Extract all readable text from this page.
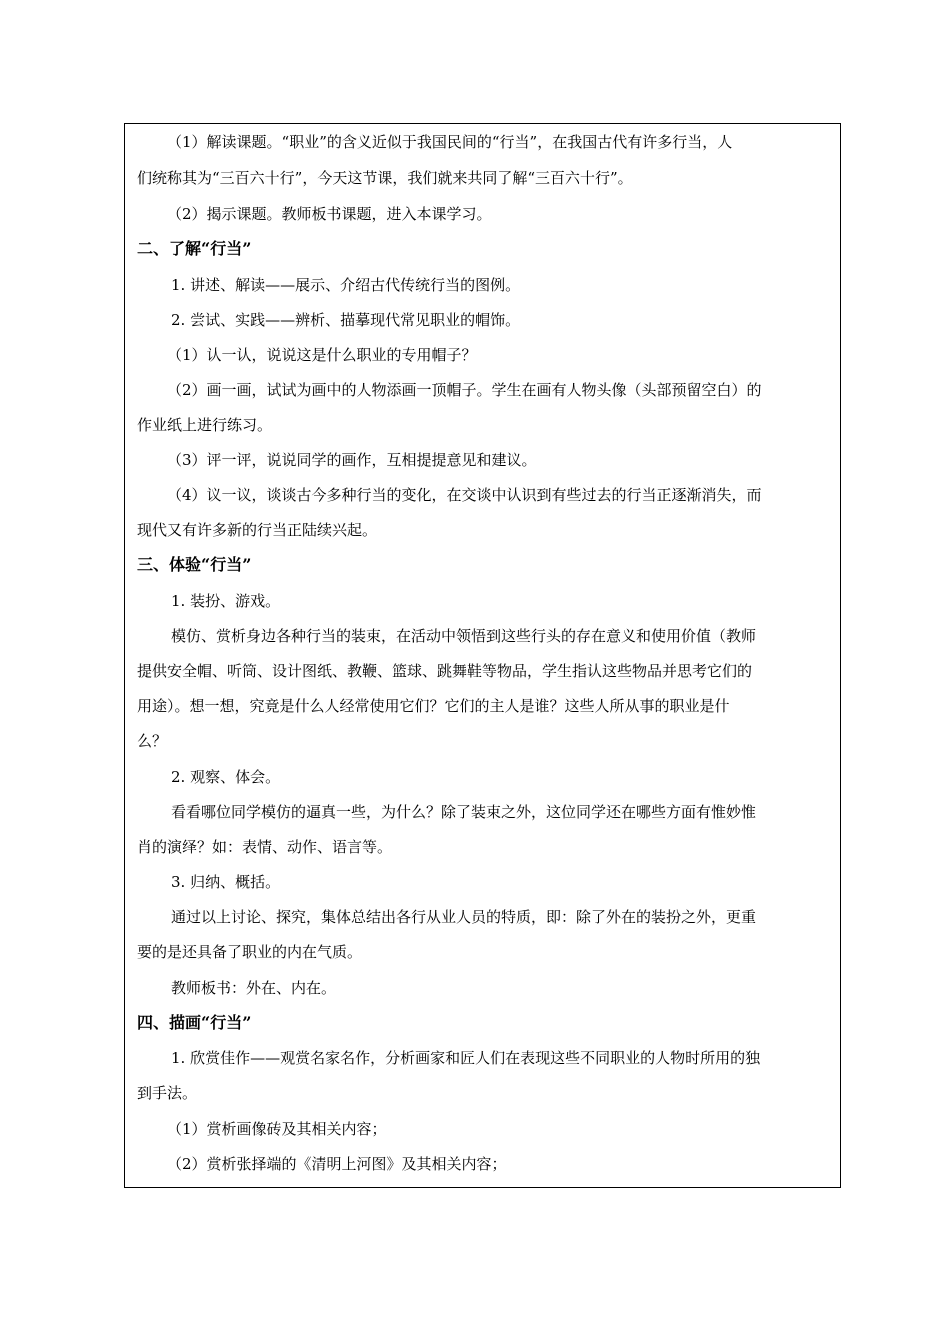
（1）解读课题。“职业”的含义近似于我国民间的“行当”，在我国古代有许多行当，人
们统称其为“三百六十行”，今天这节课，我们就来共同了解“三百六十行”。
（2）揭示课题。教师板书课题，进入本课学习。
二、了解“行当”
1. 讲述、解读——展示、介绍古代传统行当的图例。
2. 尝试、实践——辨析、描摹现代常见职业的帽饰。
（1）认一认，说说这是什么职业的专用帽子？
（2）画一画，试试为画中的人物添画一顶帽子。学生在画有人物头像（头部预留空白）的
作业纸上进行练习。
（3）评一评，说说同学的画作，互相提提意见和建议。
（4）议一议，谈谈古今多种行当的变化，在交谈中认识到有些过去的行当正逐渐消失，而
现代又有许多新的行当正陆续兴起。
三、体验“行当”
1. 装扮、游戏。
模仿、赏析身边各种行当的装束，在活动中领悟到这些行头的存在意义和使用价值（教师
提供安全帽、听筒、设计图纸、教鞭、篮球、跳舞鞋等物品，学生指认这些物品并思考它们的
用途）。想一想，究竟是什么人经常使用它们？它们的主人是谁？这些人所从事的职业是什
么？
2. 观察、体会。
看看哪位同学模仿的逼真一些，为什么？除了装束之外，这位同学还在哪些方面有惟妙惟
肖的演绎？如：表情、动作、语言等。
3. 归纳、概括。
通过以上讨论、探究，集体总结出各行从业人员的特质，即：除了外在的装扮之外，更重
要的是还具备了职业的内在气质。
教师板书：外在、内在。
四、描画“行当”
1. 欣赏佳作——观赏名家名作，分析画家和匠人们在表现这些不同职业的人物时所用的独
到手法。
（1）赏析画像砖及其相关内容；
（2）赏析张择端的《清明上河图》及其相关内容；
